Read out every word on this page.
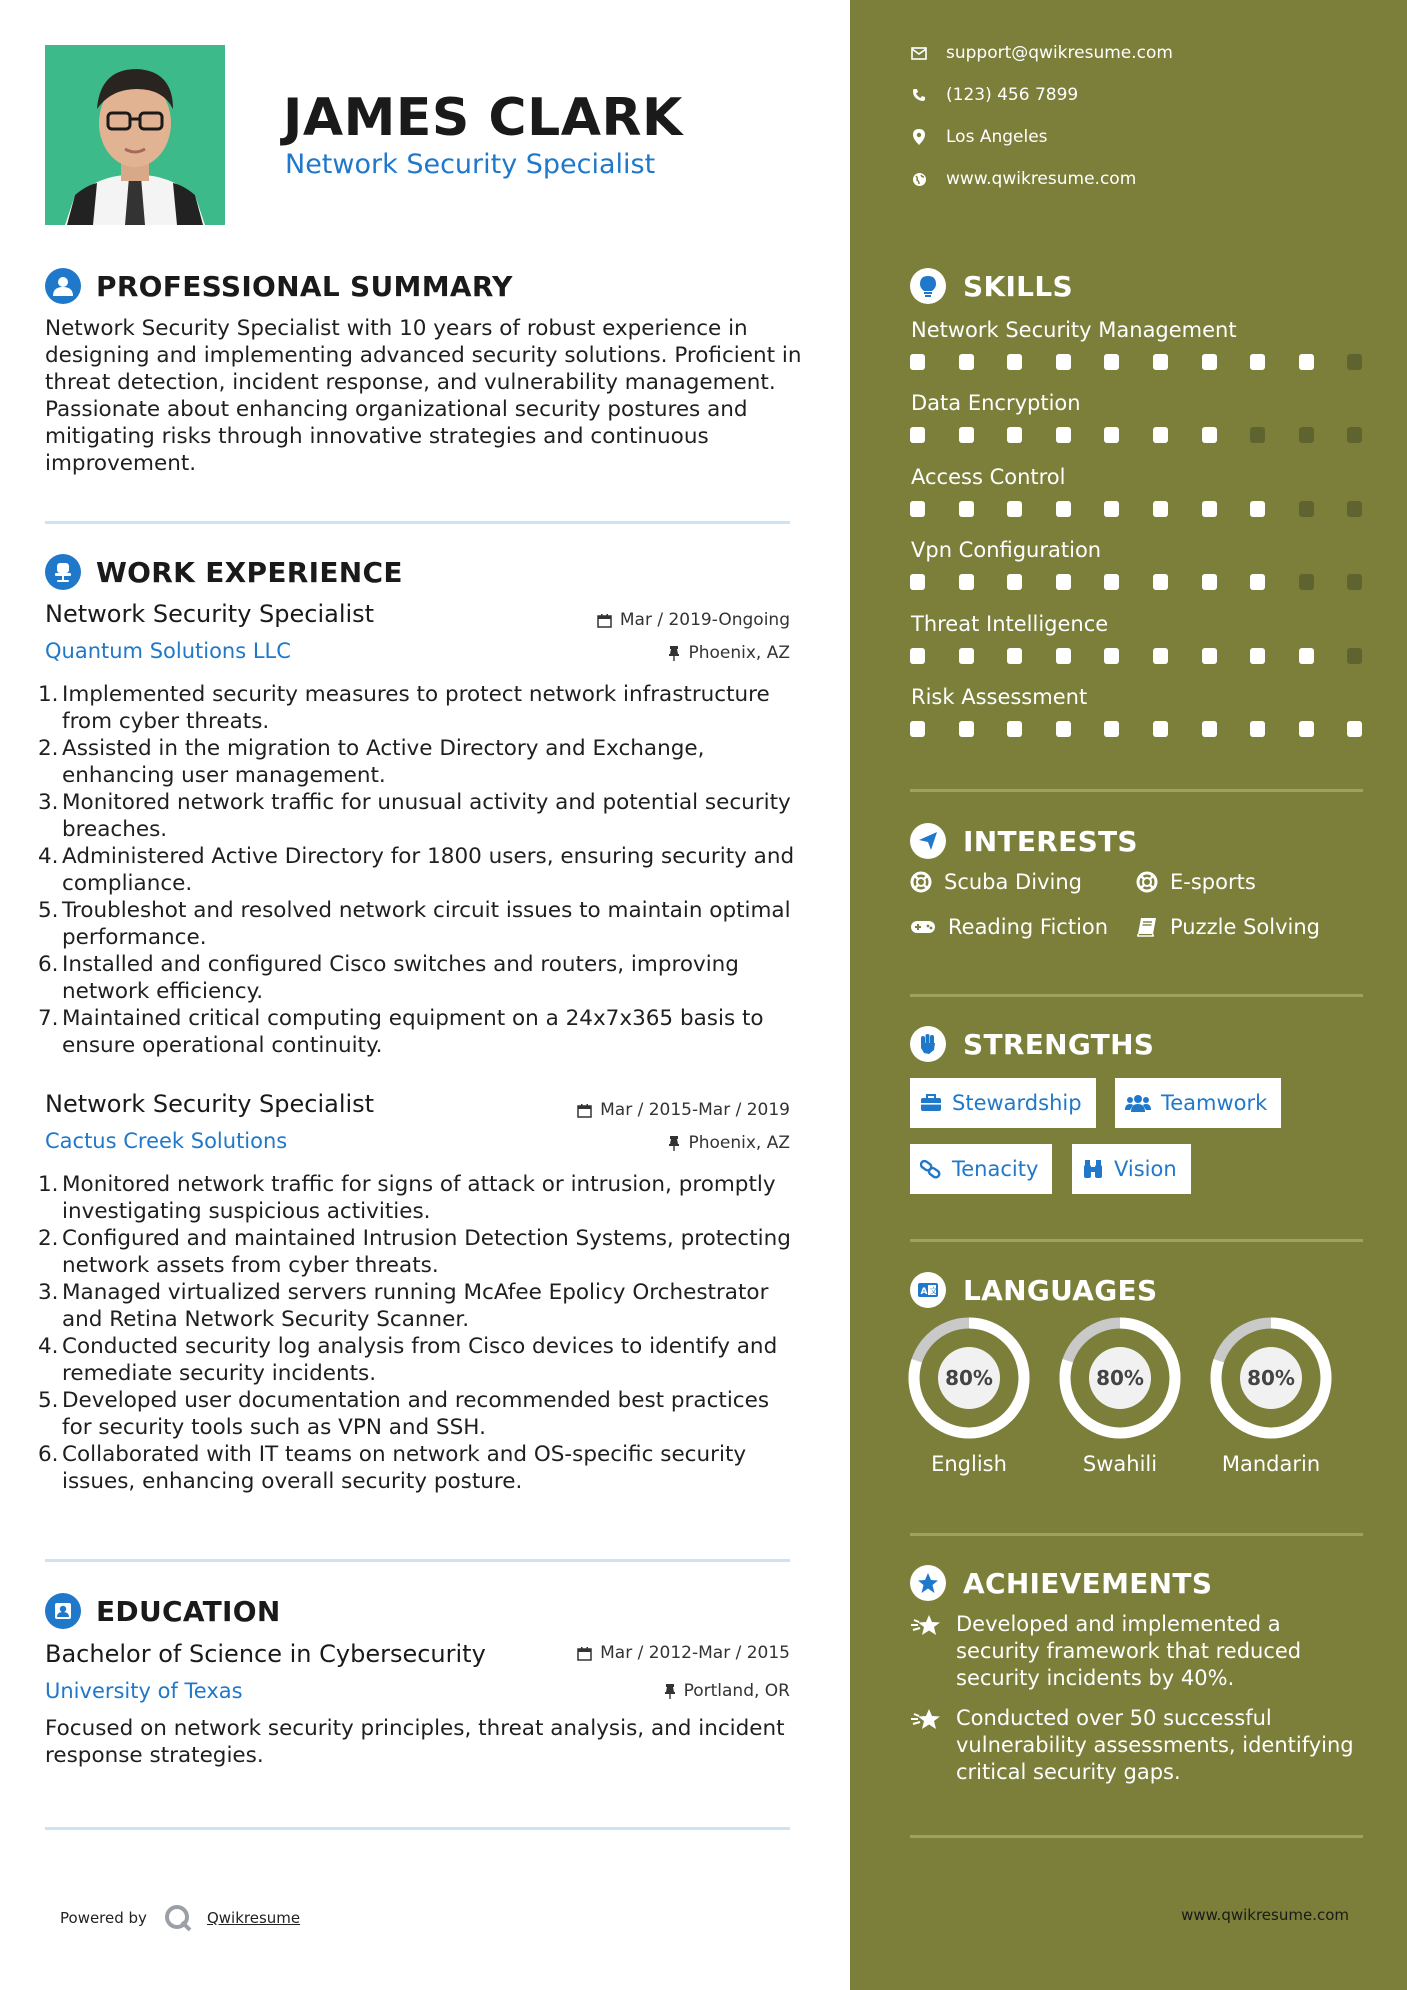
JAMES CLARK
Network Security Specialist
PROFESSIONAL SUMMARY
Network Security Specialist with 10 years of robust experience in
designing and implementing advanced security solutions. Proficient in
threat detection, incident response, and vulnerability management.
Passionate about enhancing organizational security postures and
mitigating risks through innovative strategies and continuous
improvement.
WORK EXPERIENCE
Network Security Specialist	Mar / 2019-Ongoing
Quantum Solutions LLC	Phoenix, AZ
1. Implemented security measures to protect network infrastructure
from cyber threats.
2. Assisted in the migration to Active Directory and Exchange,
enhancing user management.
3. Monitored network traffic for unusual activity and potential security
breaches.
4. Administered Active Directory for 1800 users, ensuring security and
compliance.
5. Troubleshot and resolved network circuit issues to maintain optimal
performance.
6. Installed and configured Cisco switches and routers, improving
network efficiency.
7. Maintained critical computing equipment on a 24x7x365 basis to
ensure operational continuity.
Network Security Specialist	Mar / 2015-Mar / 2019
Cactus Creek Solutions	Phoenix, AZ
1. Monitored network traffic for signs of attack or intrusion, promptly
investigating suspicious activities.
2. Configured and maintained Intrusion Detection Systems, protecting
network assets from cyber threats.
3. Managed virtualized servers running McAfee Epolicy Orchestrator
and Retina Network Security Scanner.
4. Conducted security log analysis from Cisco devices to identify and
remediate security incidents.
5. Developed user documentation and recommended best practices
for security tools such as VPN and SSH.
6. Collaborated with IT teams on network and OS-specific security
issues, enhancing overall security posture.
EDUCATION
Bachelor of Science in Cybersecurity	Mar / 2012-Mar / 2015
University of Texas	Portland, OR
Focused on network security principles, threat analysis, and incident
response strategies.
Powered by	Qwikresume
support@qwikresume.com
(123) 456 7899
Los Angeles
www.qwikresume.com
SKILLS
Network Security Management
Data Encryption
Access Control
Vpn Configuration
Threat Intelligence
Risk Assessment
INTERESTS
Scuba Diving	E-sports
Reading Fiction	Puzzle Solving
STRENGTHS
Stewardship	Teamwork
Tenacity	Vision
A 文 LANGUAGES
80%
English
80%
Swahili
80%
Mandarin
ACHIEVEMENTS
Developed and implemented a
security framework that reduced
security incidents by 40%.
Conducted over 50 successful
vulnerability assessments, identifying
critical security gaps.
www.qwikresume.com
